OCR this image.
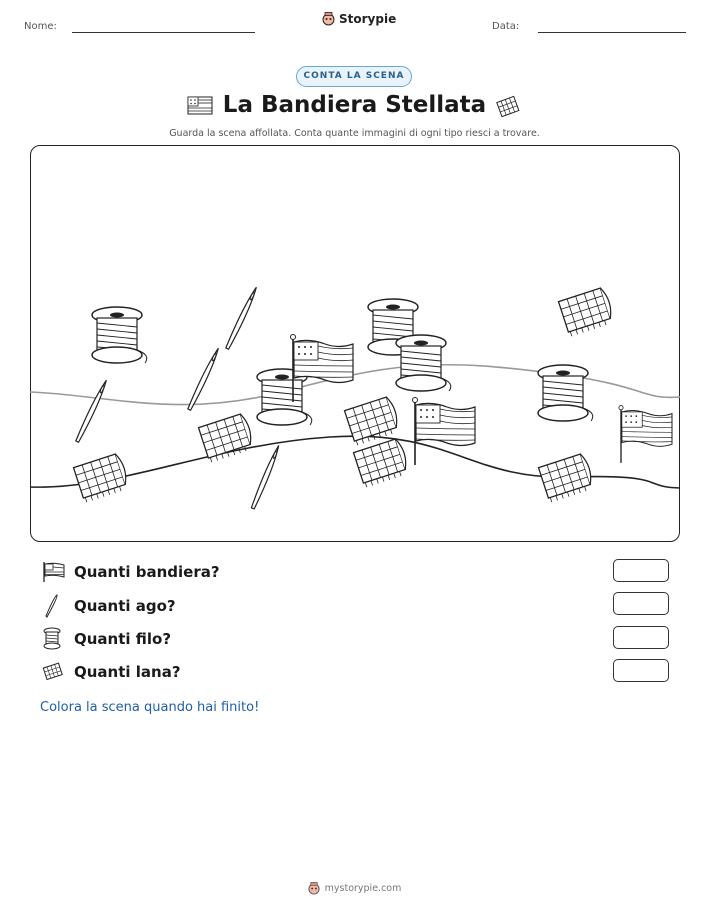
Nome:
Storypie
Data:
CONTA LA SCENA
La Bandiera Stellata
Guarda la scena affollata. Conta quante immagini di ogni tipo riesci a trovare.
Quanti bandiera?
Quanti ago?
Quanti filo?
Quanti lana?
Colora la scena quando hai finito!
mystorypie.com
